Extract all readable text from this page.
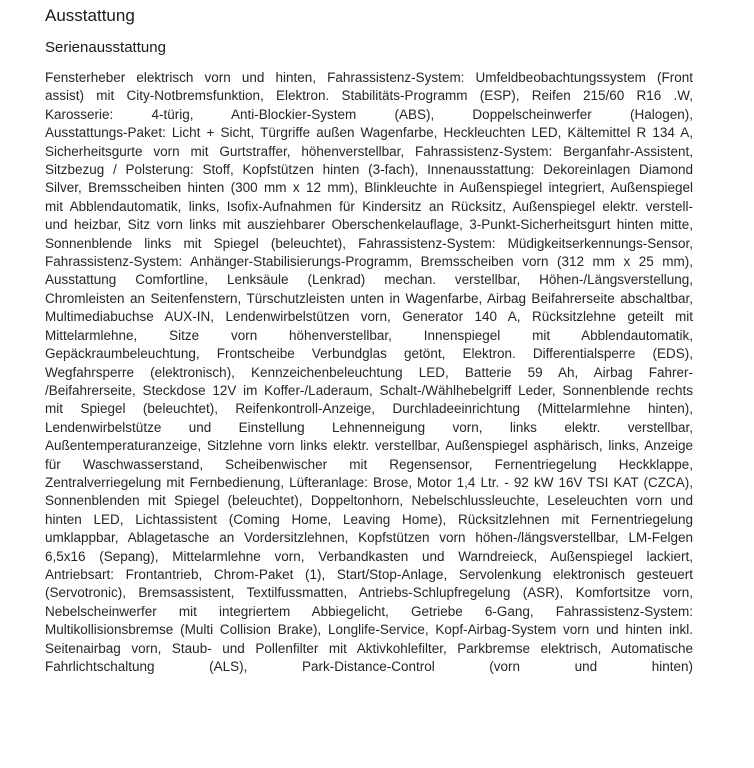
Ausstattung
Serienausstattung
Fensterheber elektrisch vorn und hinten, Fahrassistenz-System: Umfeldbeobachtungssystem (Front
assist) mit City-Notbremsfunktion, Elektron. Stabilitäts-Programm (ESP), Reifen 215/60 R16 .W,
Karosserie: 4-türig, Anti-Blockier-System (ABS), Doppelscheinwerfer (Halogen),
Ausstattungs-Paket: Licht + Sicht, Türgriffe außen Wagenfarbe, Heckleuchten LED, Kältemittel R 134 A,
Sicherheitsgurte vorn mit Gurtstraffer, höhenverstellbar, Fahrassistenz-System: Berganfahr-Assistent,
Sitzbezug / Polsterung: Stoff, Kopfstützen hinten (3-fach), Innenausstattung: Dekoreinlagen Diamond
Silver, Bremsscheiben hinten (300 mm x 12 mm), Blinkleuchte in Außenspiegel integriert, Außenspiegel
mit Abblendautomatik, links, Isofix-Aufnahmen für Kindersitz an Rücksitz, Außenspiegel elektr. verstell-
und heizbar, Sitz vorn links mit ausziehbarer Oberschenkelauflage, 3-Punkt-Sicherheitsgurt hinten mitte,
Sonnenblende links mit Spiegel (beleuchtet), Fahrassistenz-System: Müdigkeitserkennungs-Sensor,
Fahrassistenz-System: Anhänger-Stabilisierungs-Programm, Bremsscheiben vorn (312 mm x 25 mm),
Ausstattung Comfortline, Lenksäule (Lenkrad) mechan. verstellbar, Höhen-/Längsverstellung,
Chromleisten an Seitenfenstern, Türschutzleisten unten in Wagenfarbe, Airbag Beifahrerseite abschaltbar,
Multimediabuchse AUX-IN, Lendenwirbelstützen vorn, Generator 140 A, Rücksitzlehne geteilt mit
Mittelarmlehne, Sitze vorn höhenverstellbar, Innenspiegel mit Abblendautomatik,
Gepäckraumbeleuchtung, Frontscheibe Verbundglas getönt, Elektron. Differentialsperre (EDS),
Wegfahrsperre (elektronisch), Kennzeichenbeleuchtung LED, Batterie 59 Ah, Airbag Fahrer-
/Beifahrerseite, Steckdose 12V im Koffer-/Laderaum, Schalt-/Wählhebelgriff Leder, Sonnenblende rechts
mit Spiegel (beleuchtet), Reifenkontroll-Anzeige, Durchladeeinrichtung (Mittelarmlehne hinten),
Lendenwirbelstütze und Einstellung Lehnenneigung vorn, links elektr. verstellbar,
Außentemperaturanzeige, Sitzlehne vorn links elektr. verstellbar, Außenspiegel asphärisch, links, Anzeige
für Waschwasserstand, Scheibenwischer mit Regensensor, Fernentriegelung Heckklappe,
Zentralverriegelung mit Fernbedienung, Lüfteranlage: Brose, Motor 1,4 Ltr. - 92 kW 16V TSI KAT (CZCA),
Sonnenblenden mit Spiegel (beleuchtet), Doppeltonhorn, Nebelschlussleuchte, Leseleuchten vorn und
hinten LED, Lichtassistent (Coming Home, Leaving Home), Rücksitzlehnen mit Fernentriegelung
umklappbar, Ablagetasche an Vordersitzlehnen, Kopfstützen vorn höhen-/längsverstellbar, LM-Felgen
6,5x16 (Sepang), Mittelarmlehne vorn, Verbandkasten und Warndreieck, Außenspiegel lackiert,
Antriebsart: Frontantrieb, Chrom-Paket (1), Start/Stop-Anlage, Servolenkung elektronisch gesteuert
(Servotronic), Bremsassistent, Textilfussmatten, Antriebs-Schlupfregelung (ASR), Komfortsitze vorn,
Nebelscheinwerfer mit integriertem Abbiegelicht, Getriebe 6-Gang, Fahrassistenz-System:
Multikollisionsbremse (Multi Collision Brake), Longlife-Service, Kopf-Airbag-System vorn und hinten inkl.
Seitenairbag vorn, Staub- und Pollenfilter mit Aktivkohlefilter, Parkbremse elektrisch, Automatische
Fahrlichtschaltung (ALS), Park-Distance-Control (vorn und hinten)
